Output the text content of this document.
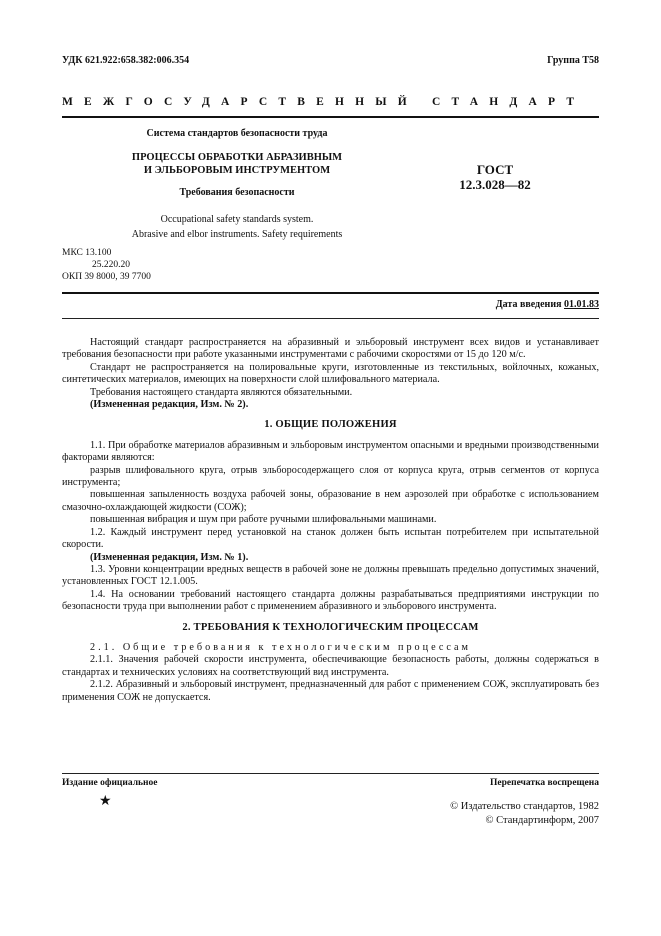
УДК 621.922:658.382:006.354	Группа Т58
МЕЖГОСУДАРСТВЕННЫЙ СТАНДАРТ
Система стандартов безопасности труда
ПРОЦЕССЫ ОБРАБОТКИ АБРАЗИВНЫМ
И ЭЛЬБОРОВЫМ ИНСТРУМЕНТОМ	ГОСТ
12.3.028—82
Требования безопасности
Occupational safety standards system.
Abrasive and elbor instruments. Safety requirements
МКС 13.100
25.220.20
ОКП 39 8000, 39 7700
Дата введения 01.01.83

Настоящий стандарт распространяется на абразивный и эльборовый инструмент всех видов и устанавливает требования безопасности при работе указанными инструментами с рабочими скоростями от 15 до 120 м/с.

Стандарт не распространяется на полировальные круги, изготовленные из текстильных, войлочных, кожаных, синтетических материалов, имеющих на поверхности слой шлифовального материала.

Требования настоящего стандарта являются обязательными.

(Измененная редакция, Изм. № 2).

1. ОБЩИЕ ПОЛОЖЕНИЯ

1.1. При обработке материалов абразивным и эльборовым инструментом опасными и вредными производственными факторами являются:

разрыв шлифовального круга, отрыв эльборосодержащего слоя от корпуса круга, отрыв сегментов от корпуса инструмента;

повышенная запыленность воздуха рабочей зоны, образование в нем аэрозолей при обработке с использованием смазочно-охлаждающей жидкости (СОЖ);

повышенная вибрация и шум при работе ручными шлифовальными машинами.

1.2. Каждый инструмент перед установкой на станок должен быть испытан потребителем при испытательной скорости.

(Измененная редакция, Изм. № 1).

1.3. Уровни концентрации вредных веществ в рабочей зоне не должны превышать предельно допустимых значений, установленных ГОСТ 12.1.005.

1.4. На основании требований настоящего стандарта должны разрабатываться предприятиями инструкции по безопасности труда при выполнении работ с применением абразивного и эльборового инструмента.

2. ТРЕБОВАНИЯ К ТЕХНОЛОГИЧЕСКИМ ПРОЦЕССАМ

2.1. Общие требования к технологическим процессам

2.1.1. Значения рабочей скорости инструмента, обеспечивающие безопасность работы, должны содержаться в стандартах и технических условиях на соответствующий вид инструмента.

2.1.2. Абразивный и эльборовый инструмент, предназначенный для работ с применением СОЖ, эксплуатировать без применения СОЖ не допускается.

Издание официальное	Перепечатка воспрещена
★	© Издательство стандартов, 1982
© Стандартинформ, 2007
